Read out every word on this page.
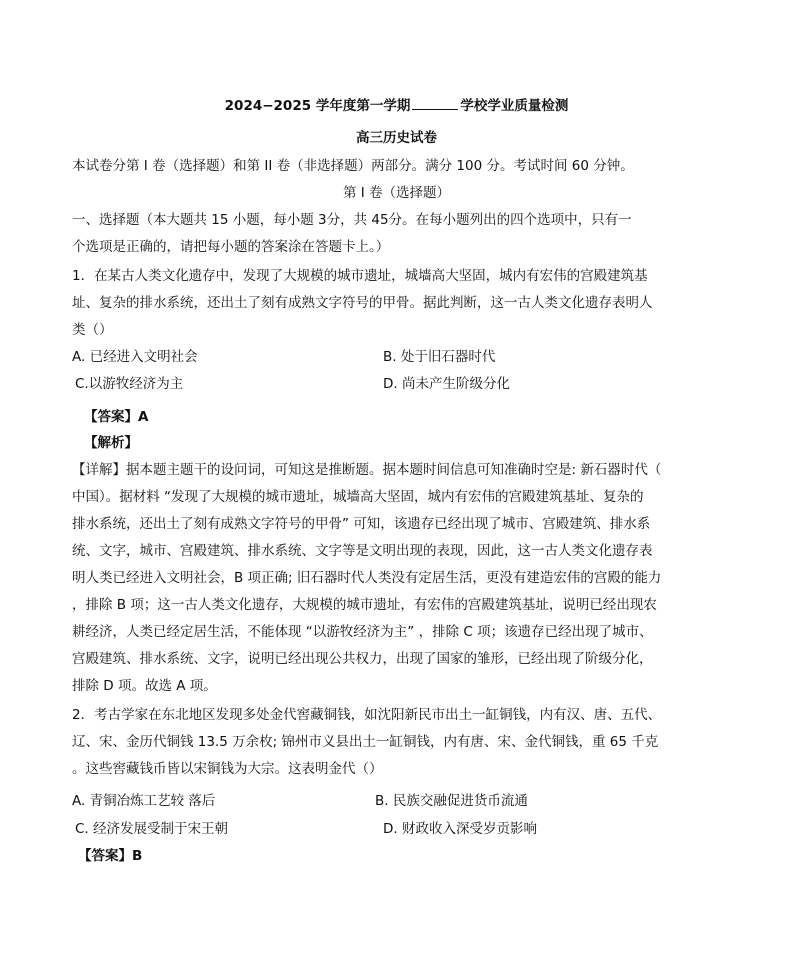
2024−2025 学年度第一学期	学校学业质量检测
高三历史试卷
本试卷分第 I 卷（选择题）和第 II 卷（非选择题）两部分。满分 100 分。考试时间 60 分钟。
第 I 卷（选择题）
一、选择题（本大题共 15 小题，每小题 3分，共 45分。在每小题列出的四个选项中，只有一
个选项是正确的，请把每小题的答案涂在答题卡上。）
1．在某古人类文化遗存中，发现了大规模的城市遗址，城墙高大坚固，城内有宏伟的宫殿建筑基
址、复杂的排水系统，还出土了刻有成熟文字符号的甲骨。据此判断，这一古人类文化遗存表明人
类（）
A. 已经进入文明社会	B. 处于旧石器时代
C.以游牧经济为主	D. 尚未产生阶级分化
【答案】A
【解析】
【详解】据本题主题干的设问词，可知这是推断题。据本题时间信息可知准确时空是: 新石器时代（
中国）。据材料 “发现了大规模的城市遗址，城墙高大坚固，城内有宏伟的宫殿建筑基址、复杂的
排水系统，还出土了刻有成熟文字符号的甲骨” 可知，该遗存已经出现了城市、宫殿建筑、排水系
统、文字，城市、宫殿建筑、排水系统、文字等是文明出现的表现，因此，这一古人类文化遗存表
明人类已经进入文明社会，B 项正确; 旧石器时代人类没有定居生活，更没有建造宏伟的宫殿的能力
，排除 B 项；这一古人类文化遗存，大规模的城市遗址，有宏伟的宫殿建筑基址，说明已经出现农
耕经济，人类已经定居生活，不能体现 “以游牧经济为主” ，排除 C 项；该遗存已经出现了城市、
宫殿建筑、排水系统、文字，说明已经出现公共权力，出现了国家的雏形，已经出现了阶级分化，
排除 D 项。故选 A 项。
2．考古学家在东北地区发现多处金代窖藏铜钱，如沈阳新民市出土一缸铜钱，内有汉、唐、五代、
辽、宋、金历代铜钱 13.5 万余枚; 锦州市义县出土一缸铜钱，内有唐、宋、金代铜钱，重 65 千克
。这些窖藏钱币皆以宋铜钱为大宗。这表明金代（）
A. 青铜冶炼工艺较 落后	B. 民族交融促进货币流通
C. 经济发展受制于宋王朝	D. 财政收入深受岁贡影响
【答案】B
